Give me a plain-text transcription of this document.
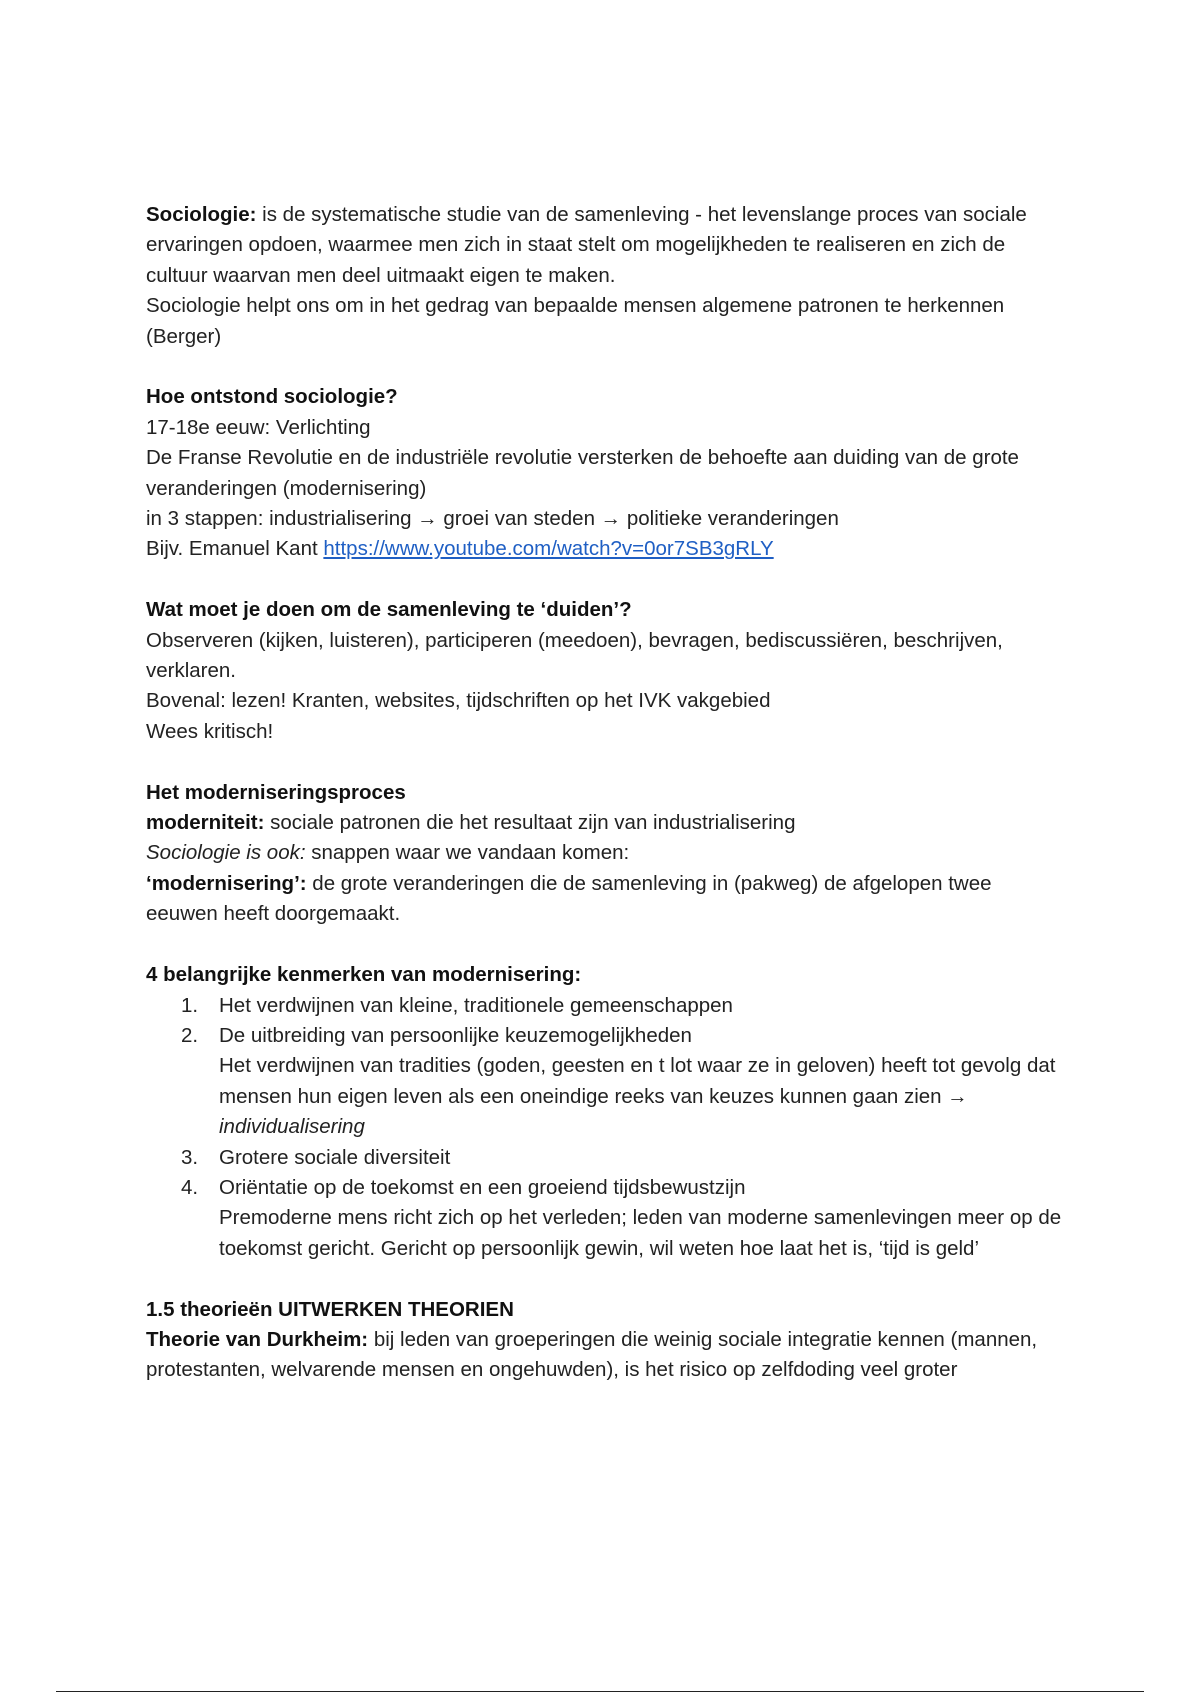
Sociologie: is de systematische studie van de samenleving - het levenslange proces van sociale ervaringen opdoen, waarmee men zich in staat stelt om mogelijkheden te realiseren en zich de cultuur waarvan men deel uitmaakt eigen te maken.

Sociologie helpt ons om in het gedrag van bepaalde mensen algemene patronen te herkennen (Berger)

Hoe ontstond sociologie?

17-18e eeuw: Verlichting

De Franse Revolutie en de industriële revolutie versterken de behoefte aan duiding van de grote veranderingen (modernisering)

in 3 stappen: industrialisering → groei van steden → politieke veranderingen

Bijv. Emanuel Kant https://www.youtube.com/watch?v=0or7SB3gRLY

Wat moet je doen om de samenleving te ‘duiden’?

Observeren (kijken, luisteren), participeren (meedoen), bevragen, bediscussiëren, beschrijven, verklaren.

Bovenal: lezen! Kranten, websites, tijdschriften op het IVK vakgebied

Wees kritisch!

Het moderniseringsproces

moderniteit: sociale patronen die het resultaat zijn van industrialisering

Sociologie is ook: snappen waar we vandaan komen:

‘modernisering’: de grote veranderingen die de samenleving in (pakweg) de afgelopen twee eeuwen heeft doorgemaakt.

4 belangrijke kenmerken van modernisering:

1. Het verdwijnen van kleine, traditionele gemeenschappen

2. De uitbreiding van persoonlijke keuzemogelijkheden

Het verdwijnen van tradities (goden, geesten en t lot waar ze in geloven) heeft tot gevolg dat mensen hun eigen leven als een oneindige reeks van keuzes kunnen gaan zien → individualisering

3. Grotere sociale diversiteit

4. Oriëntatie op de toekomst en een groeiend tijdsbewustzijn

Premoderne mens richt zich op het verleden; leden van moderne samenlevingen meer op de toekomst gericht. Gericht op persoonlijk gewin, wil weten hoe laat het is, ‘tijd is geld’

1.5 theorieën UITWERKEN THEORIEN

Theorie van Durkheim: bij leden van groeperingen die weinig sociale integratie kennen (mannen, protestanten, welvarende mensen en ongehuwden), is het risico op zelfdoding veel groter
